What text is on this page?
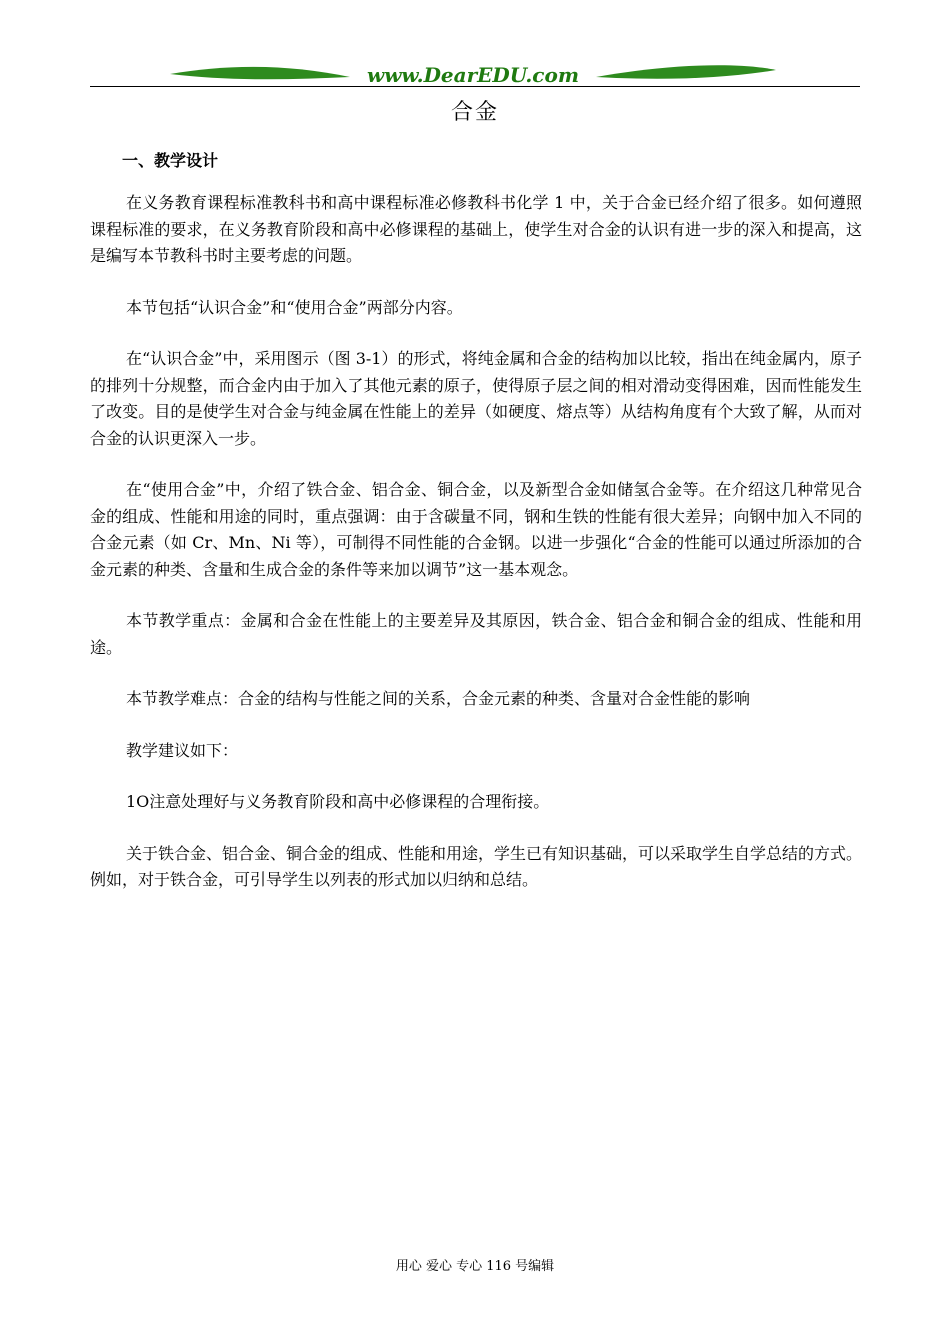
www.DearEDU.com
合金
一、教学设计

在义务教育课程标准教科书和高中课程标准必修教科书化学 1 中，关于合金已经介绍了很多。如何遵照课程标准的要求，在义务教育阶段和高中必修课程的基础上，使学生对合金的认识有进一步的深入和提高，这是编写本节教科书时主要考虑的问题。

本节包括“认识合金”和“使用合金”两部分内容。

在“认识合金”中，采用图示（图 3-1）的形式，将纯金属和合金的结构加以比较，指出在纯金属内，原子的排列十分规整，而合金内由于加入了其他元素的原子，使得原子层之间的相对滑动变得困难，因而性能发生了改变。目的是使学生对合金与纯金属在性能上的差异（如硬度、熔点等）从结构角度有个大致了解，从而对合金的认识更深入一步。

在“使用合金”中，介绍了铁合金、铝合金、铜合金，以及新型合金如储氢合金等。在介绍这几种常见合金的组成、性能和用途的同时，重点强调：由于含碳量不同，钢和生铁的性能有很大差异；向钢中加入不同的合金元素（如 Cr、Mn、Ni 等），可制得不同性能的合金钢。以进一步强化“合金的性能可以通过所添加的合金元素的种类、含量和生成合金的条件等来加以调节”这一基本观念。

本节教学重点：金属和合金在性能上的主要差异及其原因，铁合金、铝合金和铜合金的组成、性能和用途。

本节教学难点：合金的结构与性能之间的关系，合金元素的种类、含量对合金性能的影响

教学建议如下：

1O注意处理好与义务教育阶段和高中必修课程的合理衔接。

关于铁合金、铝合金、铜合金的组成、性能和用途，学生已有知识基础，可以采取学生自学总结的方式。例如，对于铁合金，可引导学生以列表的形式加以归纳和总结。

用心 爱心 专心 116 号编辑
